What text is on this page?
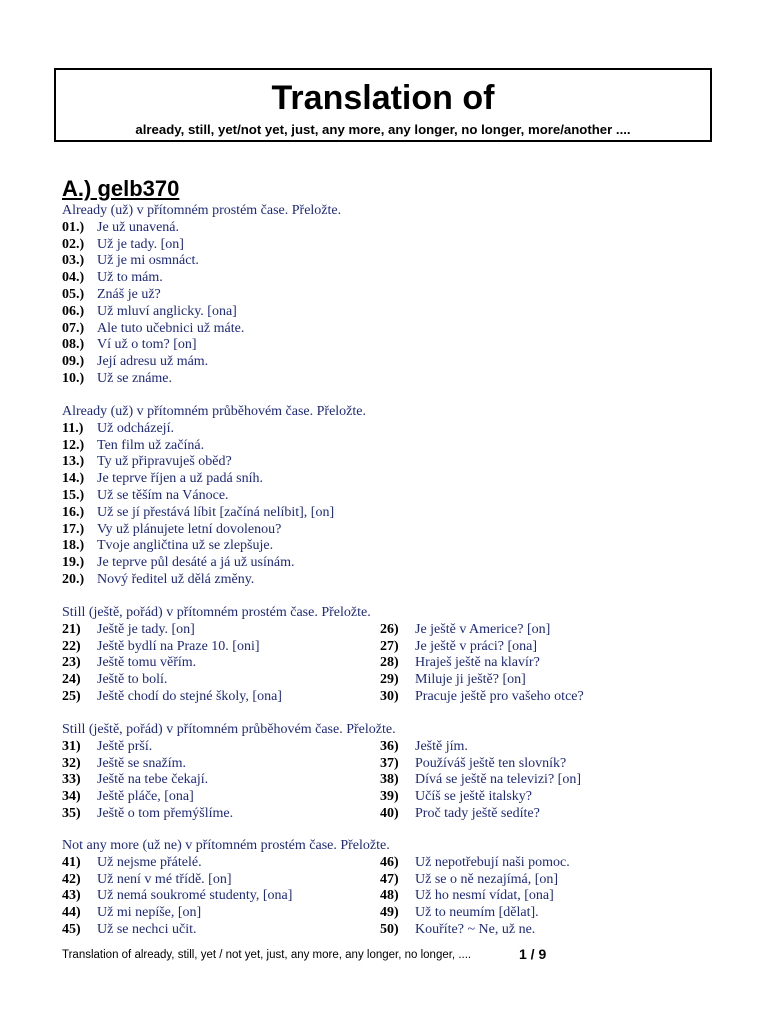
Translation of
already, still, yet/not yet, just, any more, any longer, no longer, more/another ....
A.) gelb370
Already (už) v přítomném prostém čase. Přeložte.
01.) Je už unavená.
02.) Už je tady. [on]
03.) Už je mi osmnáct.
04.) Už to mám.
05.) Znáš je už?
06.) Už mluví anglicky. [ona]
07.) Ale tuto učebnici už máte.
08.) Ví už o tom? [on]
09.) Její adresu už mám.
10.) Už se známe.
Already (už) v přítomném průběhovém čase. Přeložte.
11.) Už odcházejí.
12.) Ten film už začíná.
13.) Ty už připravuješ oběd?
14.) Je teprve říjen a už padá sníh.
15.) Už se těším na Vánoce.
16.) Už se jí přestává líbit [začíná nelíbit], [on]
17.) Vy už plánujete letní dovolenou?
18.) Tvoje angličtina už se zlepšuje.
19.) Je teprve půl desáté a já už usínám.
20.) Nový ředitel už dělá změny.
Still (ještě, pořád) v přítomném prostém čase. Přeložte.
21) Ještě je tady. [on]
22) Ještě bydlí na Praze 10. [oni]
23) Ještě tomu věřím.
24) Ještě to bolí.
25) Ještě chodí do stejné školy, [ona]
26) Je ještě v Americe? [on]
27) Je ještě v práci? [ona]
28) Hraješ ještě na klavír?
29) Miluje ji ještě? [on]
30) Pracuje ještě pro vašeho otce?
Still (ještě, pořád) v přítomném průběhovém čase. Přeložte.
31) Ještě prší.
32) Ještě se snažím.
33) Ještě na tebe čekají.
34) Ještě pláče, [ona]
35) Ještě o tom přemýšlíme.
36) Ještě jím.
37) Používáš ještě ten slovník?
38) Dívá se ještě na televizi? [on]
39) Učíš se ještě italsky?
40) Proč tady ještě sedíte?
Not any more (už ne) v přítomném prostém čase. Přeložte.
41) Už nejsme přátelé.
42) Už není v mé třídě. [on]
43) Už nemá soukromé studenty, [ona]
44) Už mi nepíše, [on]
45) Už se nechci učit.
46) Už nepotřebují naši pomoc.
47) Už se o ně nezajímá, [on]
48) Už ho nesmí vídat, [ona]
49) Už to neumím [dělat].
50) Kouříte? ~ Ne, už ne.
Translation of already, still, yet / not yet, just, any more, any longer, no longer, ....	1 / 9
